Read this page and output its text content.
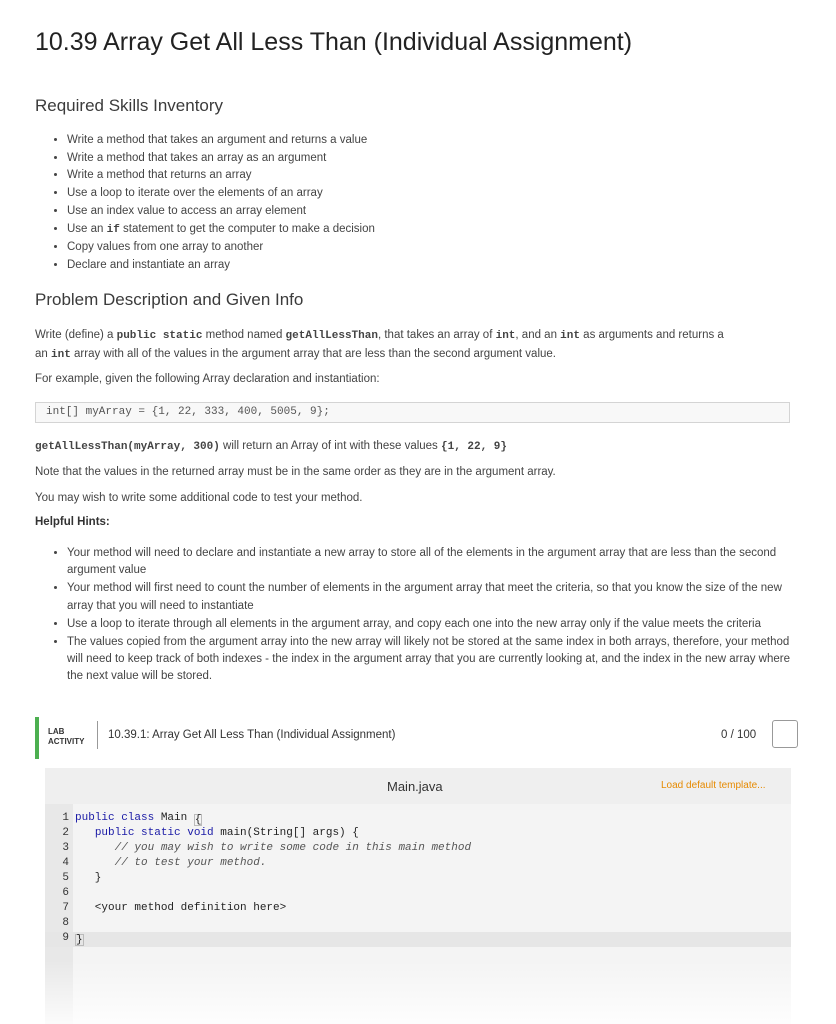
10.39 Array Get All Less Than (Individual Assignment)
Required Skills Inventory
• Write a method that takes an argument and returns a value
• Write a method that takes an array as an argument
• Write a method that returns an array
• Use a loop to iterate over the elements of an array
• Use an index value to access an array element
• Use an if statement to get the computer to make a decision
• Copy values from one array to another
• Declare and instantiate an array
Problem Description and Given Info
Write (define) a public static method named getAllLessThan, that takes an array of int, and an int as arguments and returns a
an int array with all of the values in the argument array that are less than the second argument value.
For example, given the following Array declaration and instantiation:
int[] myArray = {1, 22, 333, 400, 5005, 9};
getAllLessThan(myArray, 300) will return an Array of int with these values {1, 22, 9}
Note that the values in the returned array must be in the same order as they are in the argument array.
You may wish to write some additional code to test your method.
Helpful Hints:
• Your method will need to declare and instantiate a new array to store all of the elements in the argument array that are less than the second argument value
• Your method will first need to count the number of elements in the argument array that meet the criteria, so that you know the size of the new array that you will need to instantiate
• Use a loop to iterate through all elements in the argument array, and copy each one into the new array only if the value meets the criteria
• The values copied from the argument array into the new array will likely not be stored at the same index in both arrays, therefore, your method will need to keep track of both indexes - the index in the argument array that you are currently looking at, and the index in the new array where the next value will be stored.
LAB
ACTIVITY
10.39.1: Array Get All Less Than (Individual Assignment)	0 / 100
Main.java	Load default template...
1 public class Main {
2	public static void main(String[] args) {
3 // you may wish to write some code in this main method
4 // to test your method.
5 }
6
7 <your method definition here>
8
9 }
